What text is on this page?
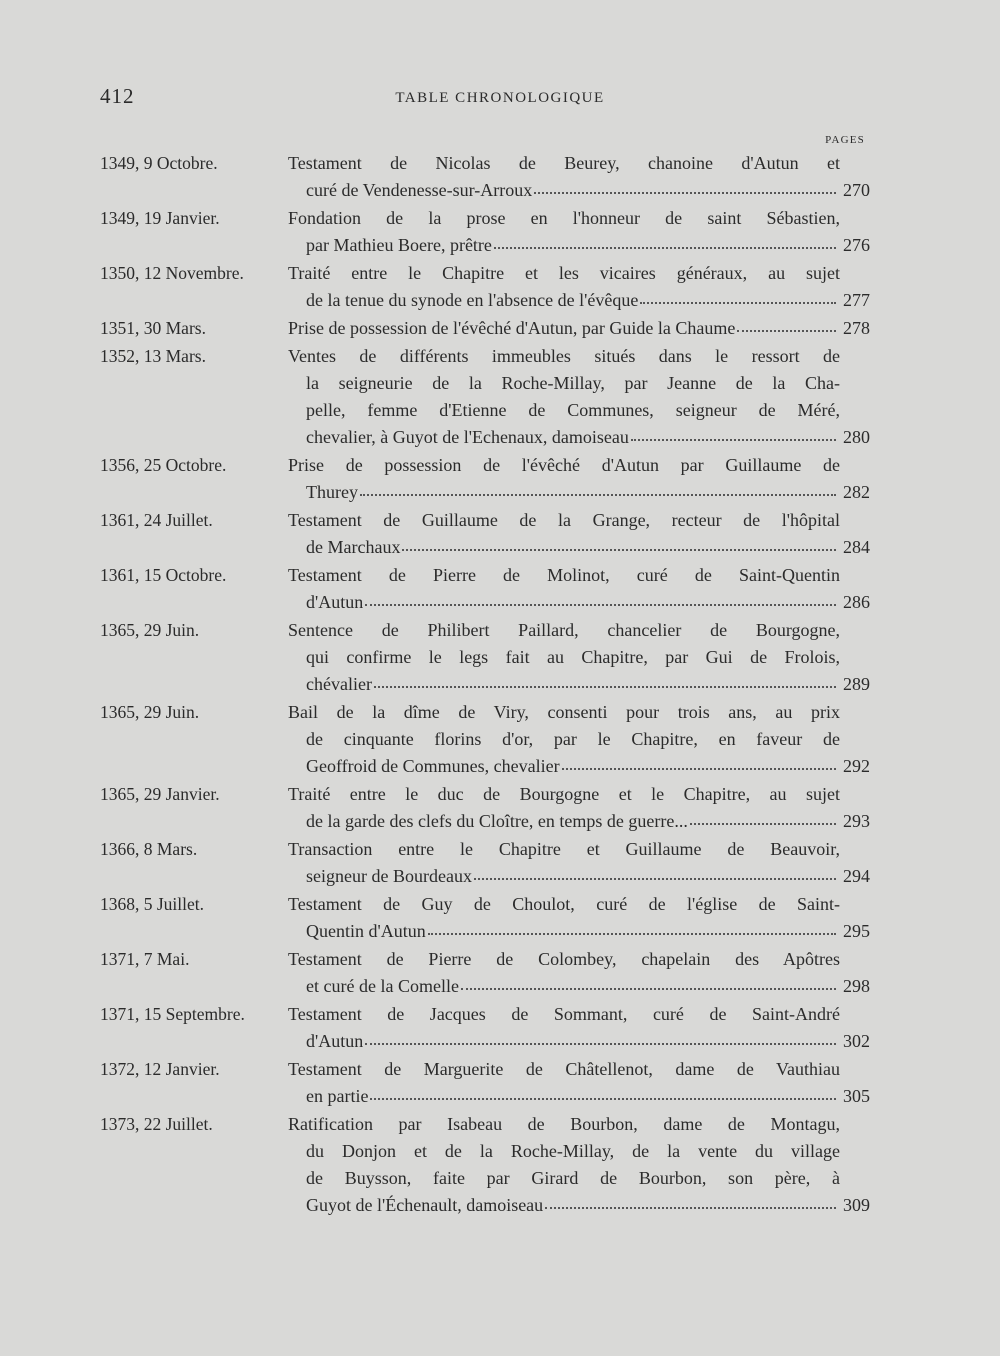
412	TABLE CHRONOLOGIQUE
PAGES
1349, 9 Octobre.	Testament de Nicolas de Beurey, chanoine d'Autun et
curé de Vendenesse-sur-Arroux	270
1349, 19 Janvier.	Fondation de la prose en l'honneur de saint Sébastien,
par Mathieu Boere, prêtre	276
1350, 12 Novembre.	Traité entre le Chapitre et les vicaires généraux, au sujet
de la tenue du synode en l'absence de l'évêque	277
1351, 30 Mars.	Prise de possession de l'évêché d'Autun, par Guide la Chaume	278
1352, 13 Mars.	Ventes de différents immeubles situés dans le ressort de
la seigneurie de la Roche-Millay, par Jeanne de la Cha-
pelle, femme d'Etienne de Communes, seigneur de Méré,
chevalier, à Guyot de l'Echenaux, damoiseau	280
1356, 25 Octobre.	Prise de possession de l'évêché d'Autun par Guillaume de
Thurey	282
1361, 24 Juillet.	Testament de Guillaume de la Grange, recteur de l'hôpital
de Marchaux	284
1361, 15 Octobre.	Testament de Pierre de Molinot, curé de Saint-Quentin
d'Autun	286
1365, 29 Juin.	Sentence de Philibert Paillard, chancelier de Bourgogne,
qui confirme le legs fait au Chapitre, par Gui de Frolois,
chévalier	289
1365, 29 Juin.	Bail de la dîme de Viry, consenti pour trois ans, au prix
de cinquante florins d'or, par le Chapitre, en faveur de
Geoffroid de Communes, chevalier	292
1365, 29 Janvier.	Traité entre le duc de Bourgogne et le Chapitre, au sujet
de la garde des clefs du Cloître, en temps de guerre...	293
1366, 8 Mars.	Transaction entre le Chapitre et Guillaume de Beauvoir,
seigneur de Bourdeaux	294
1368, 5 Juillet.	Testament de Guy de Choulot, curé de l'église de Saint-
Quentin d'Autun	295
1371, 7 Mai.	Testament de Pierre de Colombey, chapelain des Apôtres
et curé de la Comelle	298
1371, 15 Septembre.	Testament de Jacques de Sommant, curé de Saint-André
d'Autun	302
1372, 12 Janvier.	Testament de Marguerite de Châtellenot, dame de Vauthiau
en partie	305
1373, 22 Juillet.	Ratification par Isabeau de Bourbon, dame de Montagu,
du Donjon et de la Roche-Millay, de la vente du village
de Buysson, faite par Girard de Bourbon, son père, à
Guyot de l'Échenault, damoiseau	309
